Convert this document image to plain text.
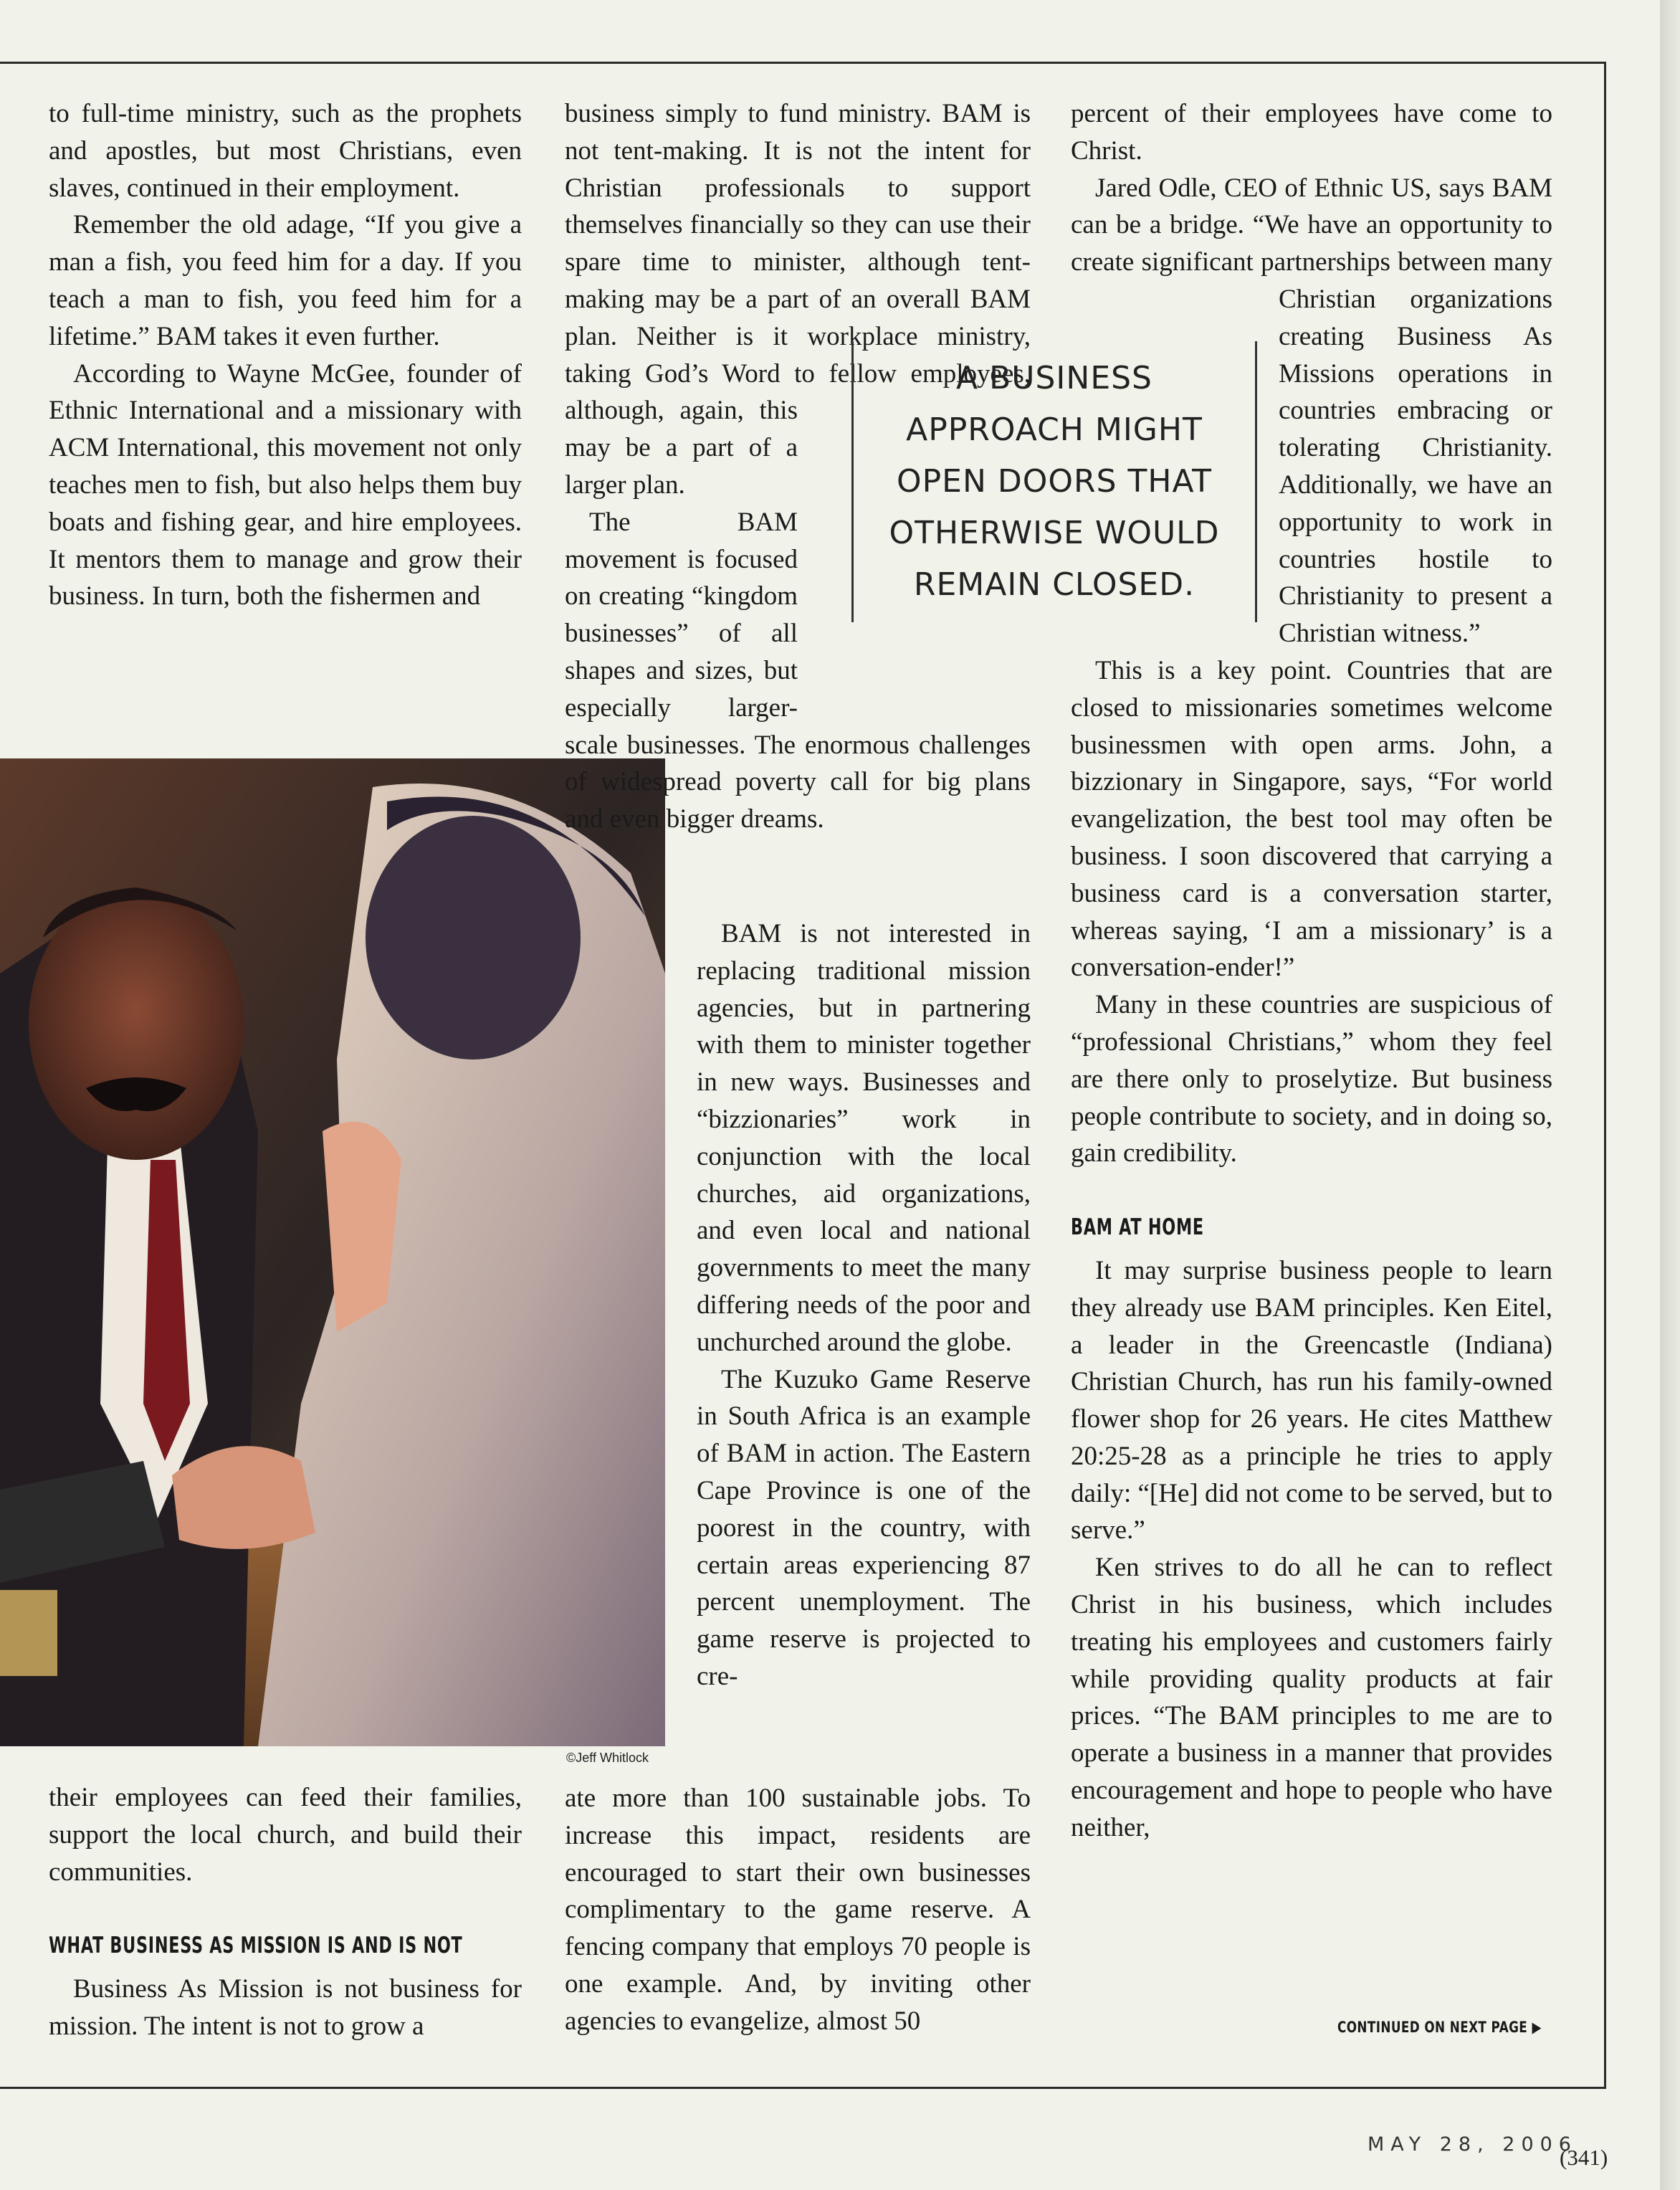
to full-time ministry, such as the prophets and apostles, but most Christians, even slaves, continued in their employment.

Remember the old adage, “If you give a man a fish, you feed him for a day. If you teach a man to fish, you feed him for a lifetime.” BAM takes it even further.

According to Wayne McGee, founder of Ethnic International and a missionary with ACM International, this movement not only teaches men to fish, but also helps them buy boats and fishing gear, and hire employees. It mentors them to manage and grow their business. In turn, both the fishermen and

©Jeff Whitlock

their employees can feed their families, support the local church, and build their communities.

WHAT BUSINESS AS MISSION IS AND IS NOT

Business As Mission is not business for mission. The intent is not to grow a

business simply to fund ministry. BAM is not tent-making. It is not the intent for Christian professionals to support themselves financially so they can use their spare time to minister, although tent-making may be a part of an overall BAM plan. Neither is it workplace ministry, taking God’s Word to fellow employees, although, again, this may be a part of a larger plan.

The BAM movement is focused on creating “kingdom businesses” of all shapes and sizes, but especially larger-scale businesses. The enormous challenges of widespread poverty call for big plans and even bigger dreams.

BAM is not interested in replacing traditional mission agencies, but in partnering with them to minister together in new ways. Businesses and “bizzionaries” work in conjunction with the local churches, aid organizations, and even local and national governments to meet the many differing needs of the poor and unchurched around the globe.

The Kuzuko Game Reserve in South Africa is an example of BAM in action. The Eastern Cape Province is one of the poorest in the country, with certain areas experiencing 87 percent unemployment. The game reserve is projected to cre-

ate more than 100 sustainable jobs. To increase this impact, residents are encouraged to start their own businesses complimentary to the game reserve. A fencing company that employs 70 people is one example. And, by inviting other agencies to evangelize, almost 50

A BUSINESS
APPROACH MIGHT
OPEN DOORS THAT
OTHERWISE WOULD
REMAIN CLOSED.

percent of their employees have come to Christ.

Jared Odle, CEO of Ethnic US, says BAM can be a bridge. “We have an opportunity to create significant partnerships between many Christian organizations creating Business As Missions operations in countries embracing or tolerating Christianity. Additionally, we have an opportunity to work in countries hostile to Christianity to present a Christian witness.”

This is a key point. Countries that are closed to missionaries sometimes welcome businessmen with open arms. John, a bizzionary in Singapore, says, “For world evangelization, the best tool may often be business. I soon discovered that carrying a business card is a conversation starter, whereas saying, ‘I am a missionary’ is a conversation-ender!”

Many in these countries are suspicious of “professional Christians,” whom they feel are there only to proselytize. But business people contribute to society, and in doing so, gain credibility.

BAM AT HOME

It may surprise business people to learn they already use BAM principles. Ken Eitel, a leader in the Greencastle (Indiana) Christian Church, has run his family-owned flower shop for 26 years. He cites Matthew 20:25-28 as a principle he tries to apply daily: “[He] did not come to be served, but to serve.”

Ken strives to do all he can to reflect Christ in his business, which includes treating his employees and customers fairly while providing quality products at fair prices. “The BAM principles to me are to operate a business in a manner that provides encouragement and hope to people who have neither,

CONTINUED ON NEXT PAGE ▶
MAY 28, 2006
(341)
